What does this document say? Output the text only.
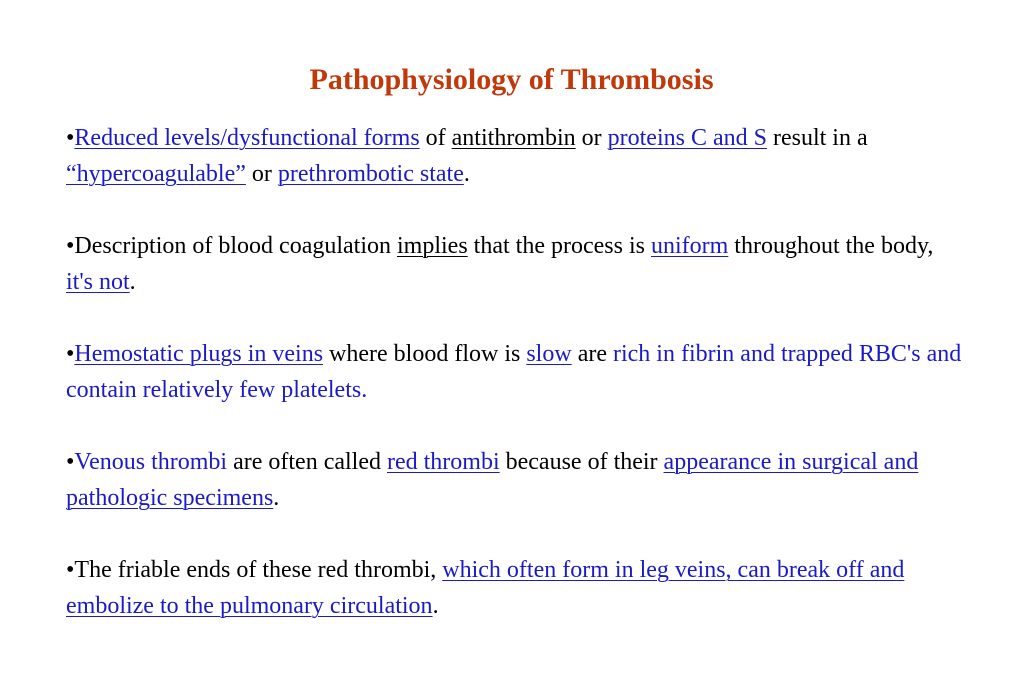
Pathophysiology of Thrombosis

•Reduced levels/dysfunctional forms of antithrombin or proteins C and S result in a “hypercoagulable” or prethrombotic state.

•Description of blood coagulation implies that the process is uniform throughout the body, it's not.

•Hemostatic plugs in veins where blood flow is slow are rich in fibrin and trapped RBC's and contain relatively few platelets.

•Venous thrombi are often called red thrombi because of their appearance in surgical and pathologic specimens.

•The friable ends of these red thrombi, which often form in leg veins, can break off and embolize to the pulmonary circulation.
